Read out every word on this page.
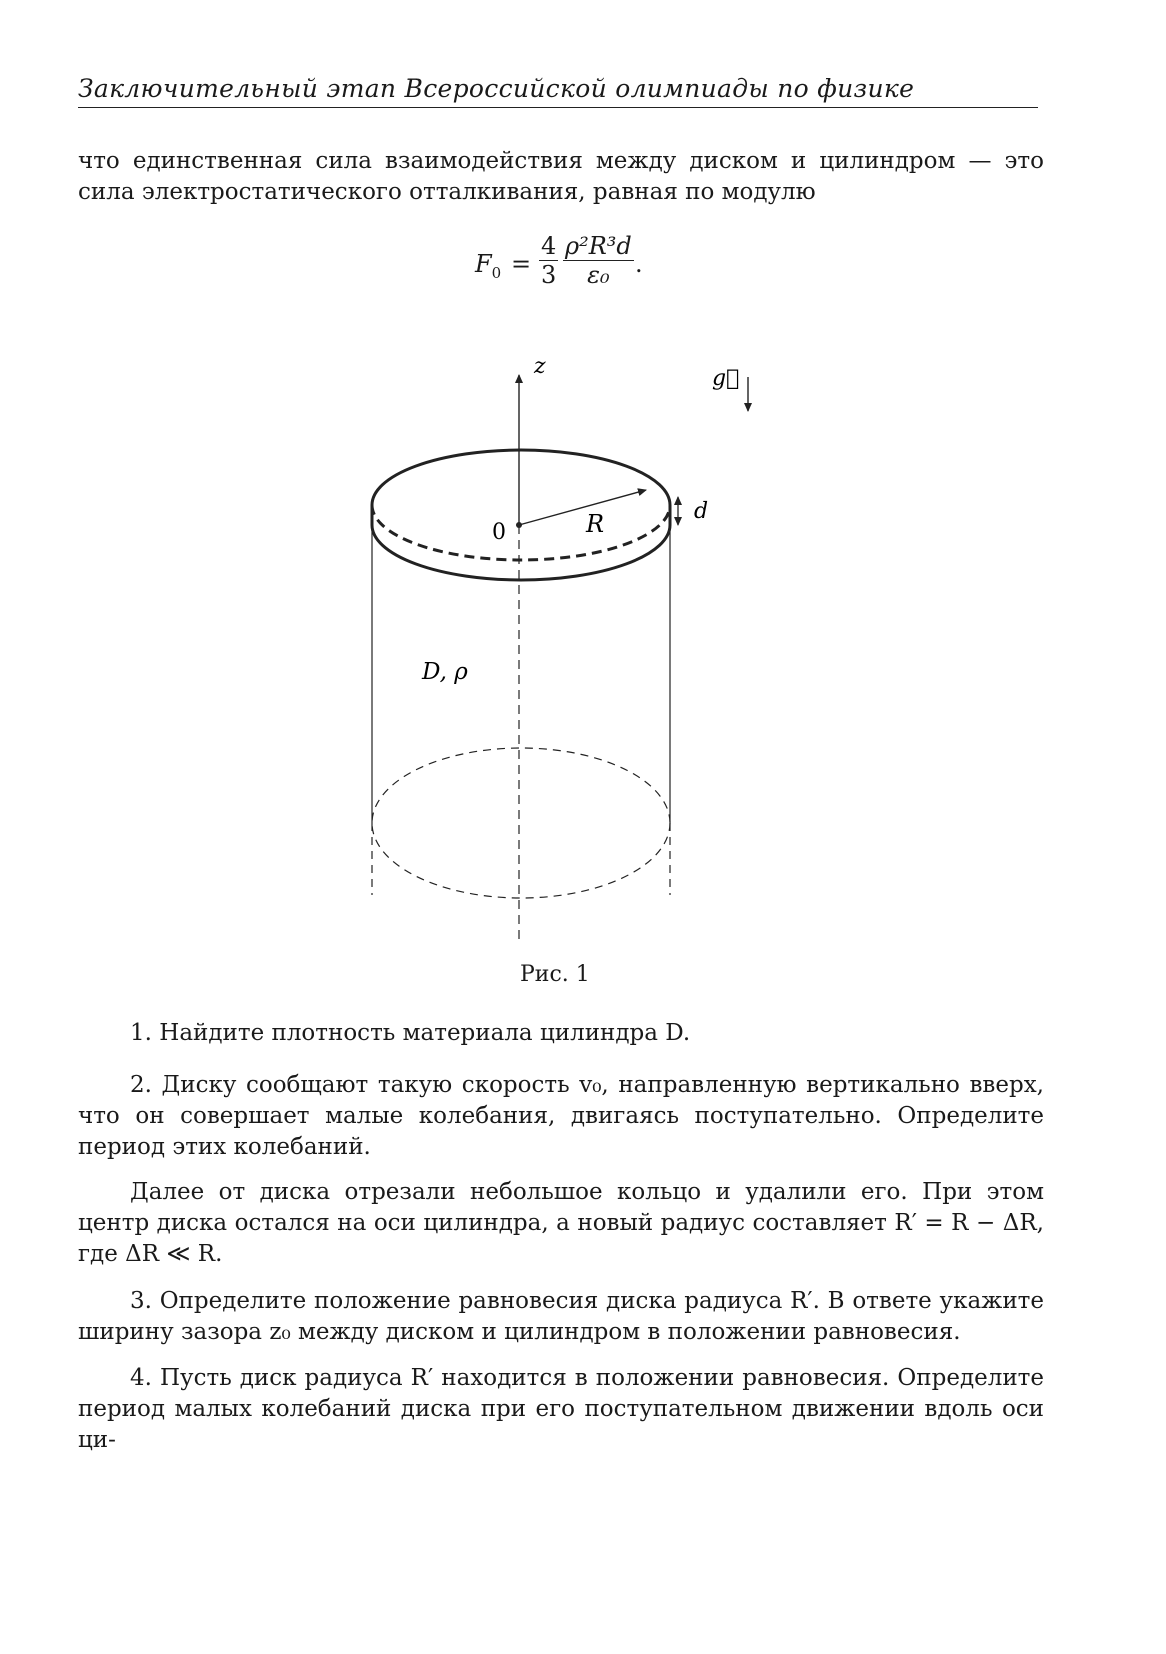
Заключительный этап Всероссийской олимпиады по физике
что единственная сила взаимодействия между диском и цилиндром — это сила электростатического отталкивания, равная по модулю
$F_0$ =
4
3
ρ²R³d
ε₀	.
z	g⃗
0	R	d
D, ρ
Рис. 1
1. Найдите плотность материала цилиндра D.
2. Диску сообщают такую скорость v₀, направленную вертикально вверх, что он совершает малые колебания, двигаясь поступательно. Определите период этих колебаний.
Далее от диска отрезали небольшое кольцо и удалили его. При этом центр диска остался на оси цилиндра, а новый радиус составляет R′ = R − ΔR, где ΔR ≪ R.
3. Определите положение равновесия диска радиуса R′. В ответе укажите ширину зазора z₀ между диском и цилиндром в положении равновесия.
4. Пусть диск радиуса R′ находится в положении равновесия. Определите период малых колебаний диска при его поступательном движении вдоль оси ци-
